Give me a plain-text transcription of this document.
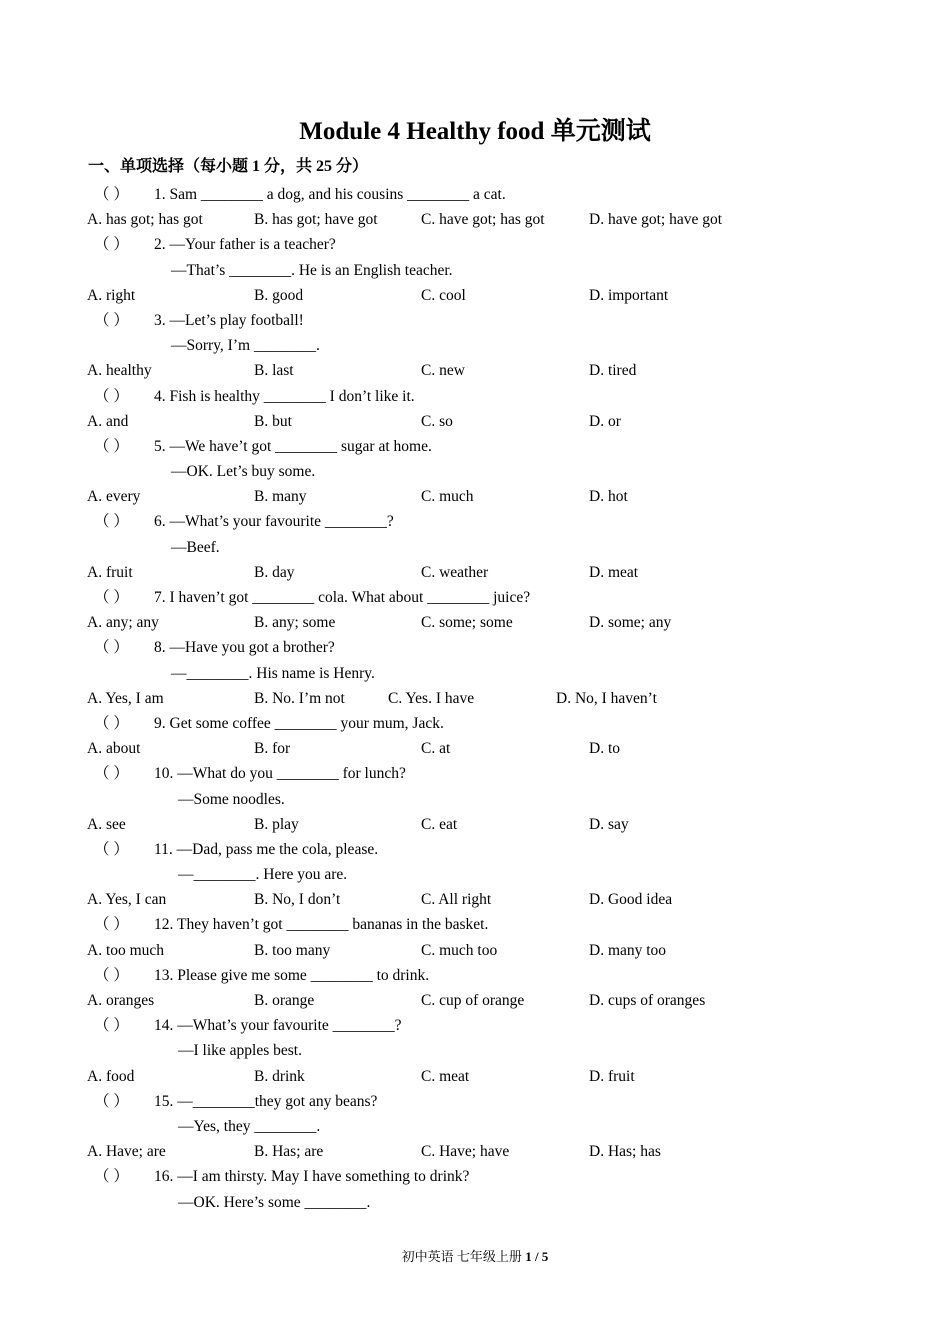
Module 4 Healthy food 单元测试
一、单项选择（每小题 1 分，共 25 分）
（ ） 1. Sam ________ a dog, and his cousins ________ a cat.
A. has got; has got	B. has got; have got	C. have got; has got	D. have got; have got
（ ） 2. —Your father is a teacher?
—That’s ________. He is an English teacher.
A. right	B. good	C. cool	D. important
（ ） 3. —Let’s play football!
—Sorry, I’m ________.
A. healthy	B. last	C. new	D. tired
（ ） 4. Fish is healthy ________ I don’t like it.
A. and	B. but	C. so	D. or
（ ） 5. —We have’t got ________ sugar at home.
—OK. Let’s buy some.
A. every	B. many	C. much	D. hot
（ ） 6. —What’s your favourite ________?
—Beef.
A. fruit	B. day	C. weather	D. meat
（ ） 7. I haven’t got ________ cola. What about ________ juice?
A. any; any	B. any; some	C. some; some	D. some; any
（ ） 8. —Have you got a brother?
—________. His name is Henry.
A. Yes, I am	B. No. I’m not	C. Yes. I have	D. No, I haven’t
（ ） 9. Get some coffee ________ your mum, Jack.
A. about	B. for	C. at	D. to
（ ） 10. —What do you ________ for lunch?
—Some noodles.
A. see	B. play	C. eat	D. say
（ ） 11. —Dad, pass me the cola, please.
—________. Here you are.
A. Yes, I can	B. No, I don’t	C. All right	D. Good idea
（ ） 12. They haven’t got ________ bananas in the basket.
A. too much	B. too many	C. much too	D. many too
（ ） 13. Please give me some ________ to drink.
A. oranges	B. orange	C. cup of orange	D. cups of oranges
（ ） 14. —What’s your favourite ________?
—I like apples best.
A. food	B. drink	C. meat	D. fruit
（ ） 15. —________they got any beans?
—Yes, they ________.
A. Have; are	B. Has; are	C. Have; have	D. Has; has
（ ） 16. —I am thirsty. May I have something to drink?
—OK. Here’s some ________.

初中英语 七年级上册 1 / 5
